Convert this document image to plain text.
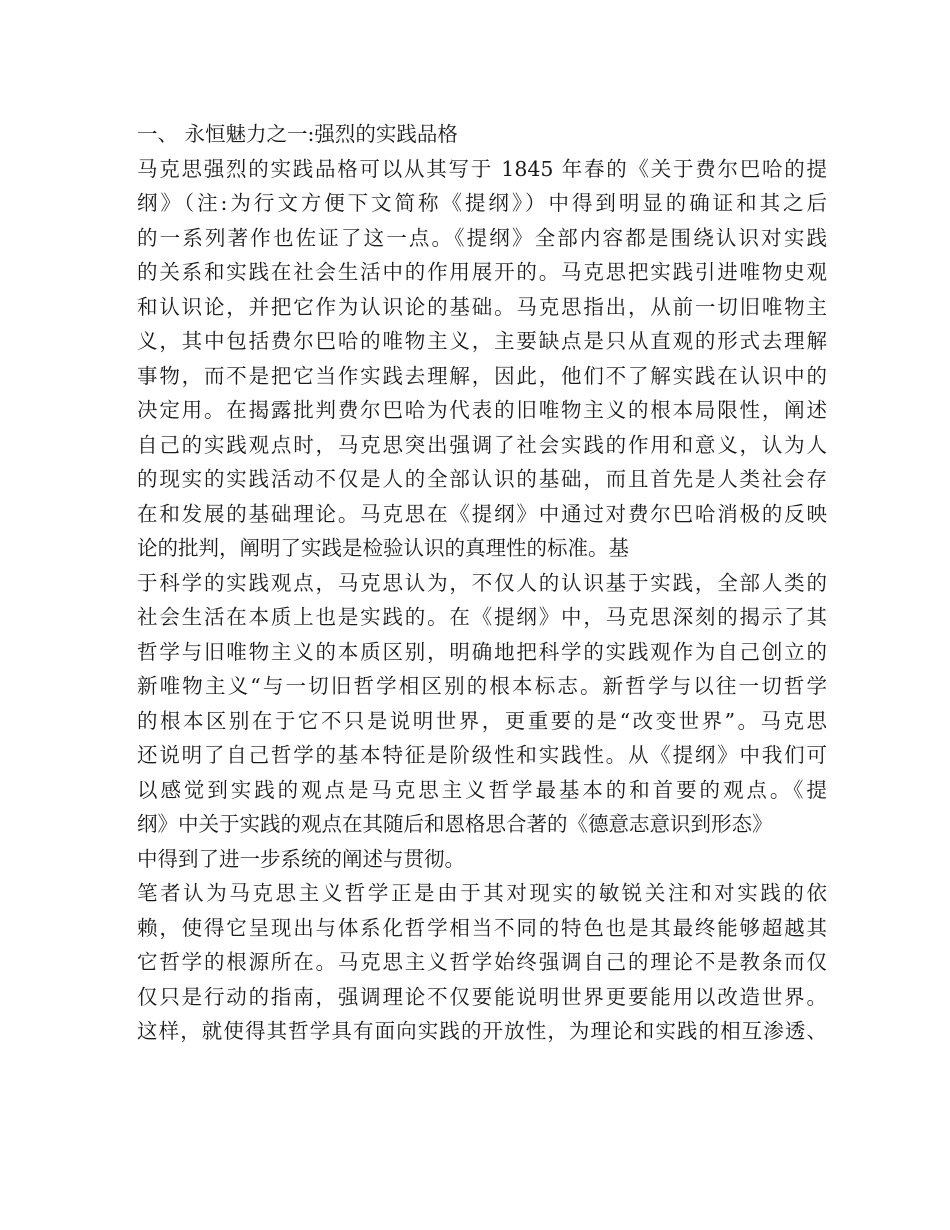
一、 永恒魅力之一:强烈的实践品格
马克思强烈的实践品格可以从其写于 1845 年春的《关于费尔巴哈的提
纲》（注:为行文方便下文简称《提纲》）中得到明显的确证和其之后
的一系列著作也佐证了这一点。《提纲》全部内容都是围绕认识对实践
的关系和实践在社会生活中的作用展开的。马克思把实践引进唯物史观
和认识论，并把它作为认识论的基础。马克思指出，从前一切旧唯物主
义，其中包括费尔巴哈的唯物主义，主要缺点是只从直观的形式去理解
事物，而不是把它当作实践去理解，因此，他们不了解实践在认识中的
决定用。在揭露批判费尔巴哈为代表的旧唯物主义的根本局限性，阐述
自己的实践观点时，马克思突出强调了社会实践的作用和意义，认为人
的现实的实践活动不仅是人的全部认识的基础，而且首先是人类社会存
在和发展的基础理论。马克思在《提纲》中通过对费尔巴哈消极的反映
论的批判，阐明了实践是检验认识的真理性的标准。基
于科学的实践观点，马克思认为，不仅人的认识基于实践，全部人类的
社会生活在本质上也是实践的。在《提纲》中，马克思深刻的揭示了其
哲学与旧唯物主义的本质区别，明确地把科学的实践观作为自己创立的
新唯物主义“与一切旧哲学相区别的根本标志。新哲学与以往一切哲学
的根本区别在于它不只是说明世界，更重要的是“改变世界”。马克思
还说明了自己哲学的基本特征是阶级性和实践性。从《提纲》中我们可
以感觉到实践的观点是马克思主义哲学最基本的和首要的观点。《提
纲》中关于实践的观点在其随后和恩格思合著的《德意志意识到形态》
中得到了进一步系统的阐述与贯彻。
笔者认为马克思主义哲学正是由于其对现实的敏锐关注和对实践的依
赖，使得它呈现出与体系化哲学相当不同的特色也是其最终能够超越其
它哲学的根源所在。马克思主义哲学始终强调自己的理论不是教条而仅
仅只是行动的指南，强调理论不仅要能说明世界更要能用以改造世界。
这样，就使得其哲学具有面向实践的开放性，为理论和实践的相互渗透、
